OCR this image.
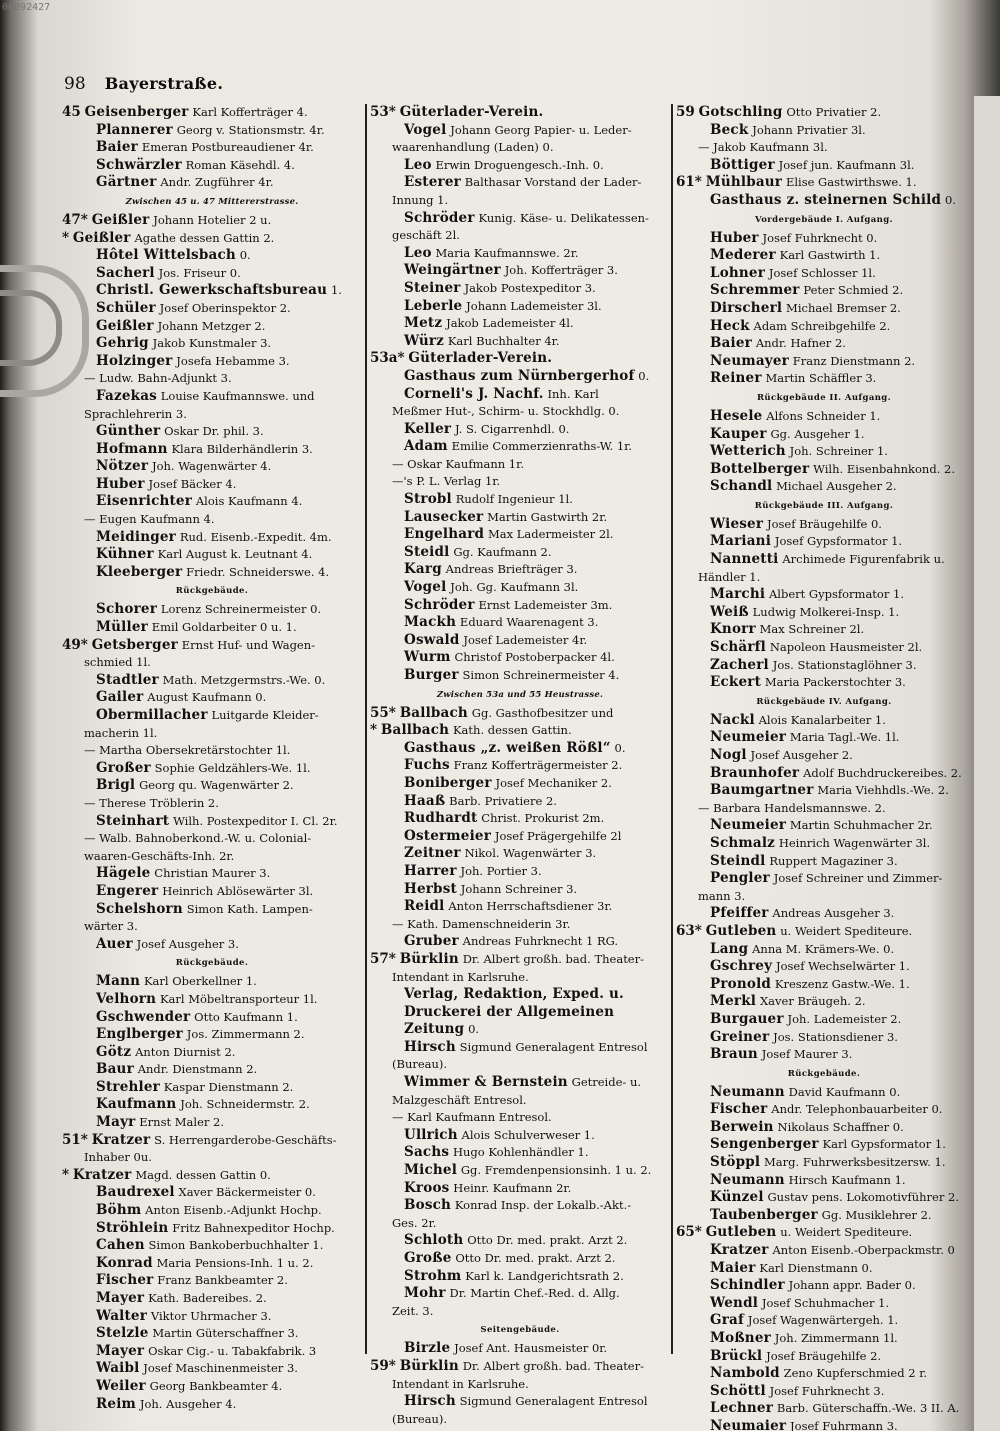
00092427
98 Bayerstraße.
45 Geisenberger Karl Kofferträger 4.
Plannerer Georg v. Stationsmstr. 4r.
Baier Emeran Postbureaudiener 4r.
Schwärzler Roman Käsehdl. 4.
Gärtner Andr. Zugführer 4r.
Zwischen 45 u. 47 Mittererstrasse.
47* Geißler Johann Hotelier 2 u.
* Geißler Agathe dessen Gattin 2.
Hôtel Wittelsbach 0.
Sacherl Jos. Friseur 0.
Christl. Gewerkschaftsbureau 1.
Schüler Josef Oberinspektor 2.
Geißler Johann Metzger 2.
Gehrig Jakob Kunstmaler 3.
Holzinger Josefa Hebamme 3.
— Ludw. Bahn-Adjunkt 3.
Fazekas Louise Kaufmannswe. und
Sprachlehrerin 3.
Günther Oskar Dr. phil. 3.
Hofmann Klara Bilderhändlerin 3.
Nötzer Joh. Wagenwärter 4.
Huber Josef Bäcker 4.
Eisenrichter Alois Kaufmann 4.
— Eugen Kaufmann 4.
Meidinger Rud. Eisenb.-Expedit. 4m.
Kühner Karl August k. Leutnant 4.
Kleeberger Friedr. Schneiderswe. 4.
Rückgebäude.
Schorer Lorenz Schreinermeister 0.
Müller Emil Goldarbeiter 0 u. 1.
49* Getsberger Ernst Huf- und Wagen-
schmied 1l.
Stadtler Math. Metzgermstrs.-We. 0.
Gailer August Kaufmann 0.
Obermillacher Luitgarde Kleider-
macherin 1l.
— Martha Obersekretärstochter 1l.
Großer Sophie Geldzählers-We. 1l.
Brigl Georg qu. Wagenwärter 2.
— Therese Tröblerin 2.
Steinhart Wilh. Postexpeditor I. Cl. 2r.
— Walb. Bahnoberkond.-W. u. Colonial-
waaren-Geschäfts-Inh. 2r.
Hägele Christian Maurer 3.
Engerer Heinrich Ablösewärter 3l.
Schelshorn Simon Kath. Lampen-
wärter 3.
Auer Josef Ausgeher 3.
Rückgebäude.
Mann Karl Oberkellner 1.
Velhorn Karl Möbeltransporteur 1l.
Gschwender Otto Kaufmann 1.
Englberger Jos. Zimmermann 2.
Götz Anton Diurnist 2.
Baur Andr. Dienstmann 2.
Strehler Kaspar Dienstmann 2.
Kaufmann Joh. Schneidermstr. 2.
Mayr Ernst Maler 2.
51* Kratzer S. Herrengarderobe-Geschäfts-
Inhaber 0u.
* Kratzer Magd. dessen Gattin 0.
Baudrexel Xaver Bäckermeister 0.
Böhm Anton Eisenb.-Adjunkt Hochp.
Ströhlein Fritz Bahnexpeditor Hochp.
Cahen Simon Bankoberbuchhalter 1.
Konrad Maria Pensions-Inh. 1 u. 2.
Fischer Franz Bankbeamter 2.
Mayer Kath. Badereibes. 2.
Walter Viktor Uhrmacher 3.
Stelzle Martin Güterschaffner 3.
Mayer Oskar Cig.- u. Tabakfabrik. 3
Waibl Josef Maschinenmeister 3.
Weiler Georg Bankbeamter 4.
Reim Joh. Ausgeher 4.
53* Güterlader-Verein.
Vogel Johann Georg Papier- u. Leder-
waarenhandlung (Laden) 0.
Leo Erwin Droguengesch.-Inh. 0.
Esterer Balthasar Vorstand der Lader-
Innung 1.
Schröder Kunig. Käse- u. Delikatessen-
geschäft 2l.
Leo Maria Kaufmannswe. 2r.
Weingärtner Joh. Kofferträger 3.
Steiner Jakob Postexpeditor 3.
Leberle Johann Lademeister 3l.
Metz Jakob Lademeister 4l.
Würz Karl Buchhalter 4r.
53a* Güterlader-Verein.
Gasthaus zum Nürnbergerhof 0.
Corneli's J. Nachf. Inh. Karl
Meßmer Hut-, Schirm- u. Stockhdlg. 0.
Keller J. S. Cigarrenhdl. 0.
Adam Emilie Commerzienraths-W. 1r.
— Oskar Kaufmann 1r.
—'s P. L. Verlag 1r.
Strobl Rudolf Ingenieur 1l.
Lausecker Martin Gastwirth 2r.
Engelhard Max Ladermeister 2l.
Steidl Gg. Kaufmann 2.
Karg Andreas Briefträger 3.
Vogel Joh. Gg. Kaufmann 3l.
Schröder Ernst Lademeister 3m.
Mackh Eduard Waarenagent 3.
Oswald Josef Lademeister 4r.
Wurm Christof Postoberpacker 4l.
Burger Simon Schreinermeister 4.
Zwischen 53a und 55 Heustrasse.
55* Ballbach Gg. Gasthofbesitzer und
* Ballbach Kath. dessen Gattin.
Gasthaus „z. weißen Rößl“ 0.
Fuchs Franz Kofferträgermeister 2.
Boniberger Josef Mechaniker 2.
Haaß Barb. Privatiere 2.
Rudhardt Christ. Prokurist 2m.
Ostermeier Josef Prägergehilfe 2l
Zeitner Nikol. Wagenwärter 3.
Harrer Joh. Portier 3.
Herbst Johann Schreiner 3.
Reidl Anton Herrschaftsdiener 3r.
— Kath. Damenschneiderin 3r.
Gruber Andreas Fuhrknecht 1 RG.
57* Bürklin Dr. Albert großh. bad. Theater-
Intendant in Karlsruhe.
Verlag, Redaktion, Exped. u.
Druckerei der Allgemeinen
Zeitung 0.
Hirsch Sigmund Generalagent Entresol
(Bureau).
Wimmer & Bernstein Getreide- u.
Malzgeschäft Entresol.
— Karl Kaufmann Entresol.
Ullrich Alois Schulverweser 1.
Sachs Hugo Kohlenhändler 1.
Michel Gg. Fremdenpensionsinh. 1 u. 2.
Kroos Heinr. Kaufmann 2r.
Bosch Konrad Insp. der Lokalb.-Akt.-
Ges. 2r.
Schloth Otto Dr. med. prakt. Arzt 2.
Große Otto Dr. med. prakt. Arzt 2.
Strohm Karl k. Landgerichtsrath 2.
Mohr Dr. Martin Chef.-Red. d. Allg.
Zeit. 3.
Seitengebäude.
Birzle Josef Ant. Hausmeister 0r.
59* Bürklin Dr. Albert großh. bad. Theater-
Intendant in Karlsruhe.
Hirsch Sigmund Generalagent Entresol
(Bureau).
59 Gotschling Otto Privatier 2.
Beck Johann Privatier 3l.
— Jakob Kaufmann 3l.
Böttiger Josef jun. Kaufmann 3l.
61* Mühlbaur Elise Gastwirthswe. 1.
Gasthaus z. steinernen Schild 0.
Vordergebäude I. Aufgang.
Huber Josef Fuhrknecht 0.
Mederer Karl Gastwirth 1.
Lohner Josef Schlosser 1l.
Schremmer Peter Schmied 2.
Dirscherl Michael Bremser 2.
Heck Adam Schreibgehilfe 2.
Baier Andr. Hafner 2.
Neumayer Franz Dienstmann 2.
Reiner Martin Schäffler 3.
Rückgebäude II. Aufgang.
Hesele Alfons Schneider 1.
Kauper Gg. Ausgeher 1.
Wetterich Joh. Schreiner 1.
Bottelberger Wilh. Eisenbahnkond. 2.
Schandl Michael Ausgeher 2.
Rückgebäude III. Aufgang.
Wieser Josef Bräugehilfe 0.
Mariani Josef Gypsformator 1.
Nannetti Archimede Figurenfabrik u.
Händler 1.
Marchi Albert Gypsformator 1.
Weiß Ludwig Molkerei-Insp. 1.
Knorr Max Schreiner 2l.
Schärfl Napoleon Hausmeister 2l.
Zacherl Jos. Stationstaglöhner 3.
Eckert Maria Packerstochter 3.
Rückgebäude IV. Aufgang.
Nackl Alois Kanalarbeiter 1.
Neumeier Maria Tagl.-We. 1l.
Nogl Josef Ausgeher 2.
Braunhofer Adolf Buchdruckereibes. 2.
Baumgartner Maria Viehhdls.-We. 2.
— Barbara Handelsmannswe. 2.
Neumeier Martin Schuhmacher 2r.
Schmalz Heinrich Wagenwärter 3l.
Steindl Ruppert Magaziner 3.
Pengler Josef Schreiner und Zimmer-
mann 3.
Pfeiffer Andreas Ausgeher 3.
63* Gutleben u. Weidert Spediteure.
Lang Anna M. Krämers-We. 0.
Gschrey Josef Wechselwärter 1.
Pronold Kreszenz Gastw.-We. 1.
Merkl Xaver Bräugeh. 2.
Burgauer Joh. Lademeister 2.
Greiner Jos. Stationsdiener 3.
Braun Josef Maurer 3.
Rückgebäude.
Neumann David Kaufmann 0.
Fischer Andr. Telephonbauarbeiter 0.
Berwein Nikolaus Schaffner 0.
Sengenberger Karl Gypsformator 1.
Stöppl Marg. Fuhrwerksbesitzersw. 1.
Neumann Hirsch Kaufmann 1.
Künzel Gustav pens. Lokomotivführer 2.
Taubenberger Gg. Musiklehrer 2.
65* Gutleben u. Weidert Spediteure.
Kratzer Anton Eisenb.-Oberpackmstr. 0
Maier Karl Dienstmann 0.
Schindler Johann appr. Bader 0.
Wendl Josef Schuhmacher 1.
Graf Josef Wagenwärtergeh. 1.
Moßner Joh. Zimmermann 1l.
Brückl Josef Bräugehilfe 2.
Nambold Zeno Kupferschmied 2 r.
Schöttl Josef Fuhrknecht 3.
Lechner Barb. Güterschaffn.-We. 3 II. A.
Neumaier Josef Fuhrmann 3.
